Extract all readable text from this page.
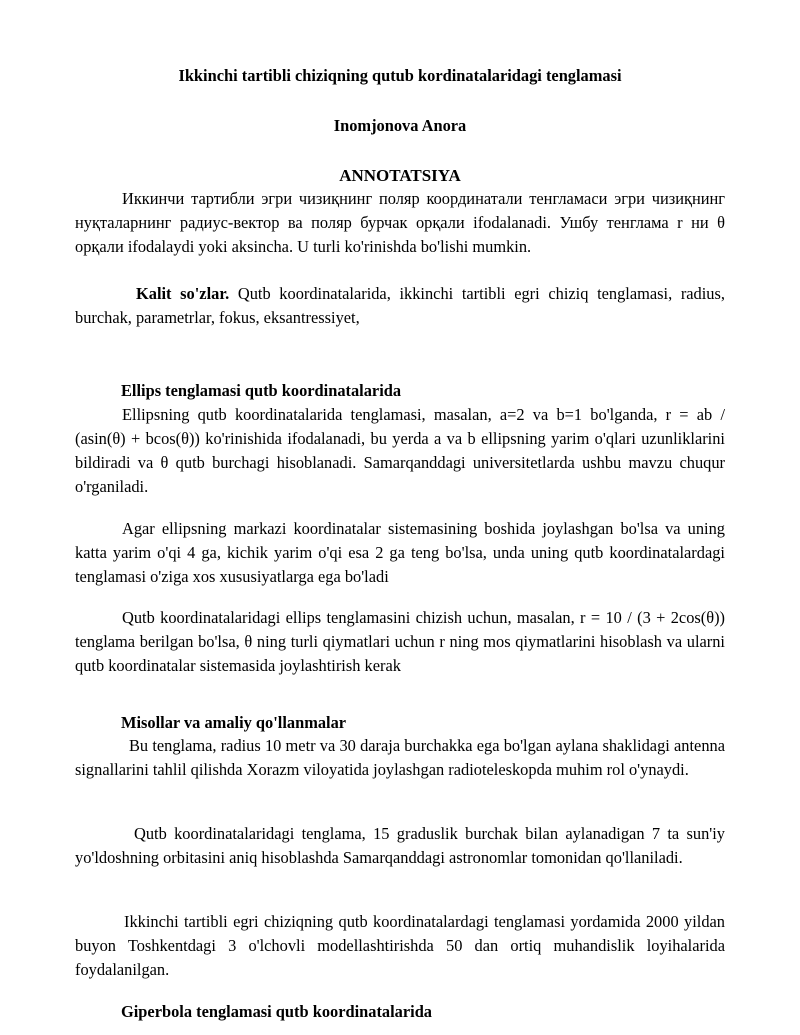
Ikkinchi tartibli chiziqning qutub kordinatalaridagi tenglamasi
Inomjonova Anora
ANNOTATSIYA

Иккинчи тартибли эгри чизиқнинг поляр координатали тенгламаси эгри чизиқнинг нуқталарнинг радиус-вектор ва поляр бурчак орқали ifodalanadi. Ушбу тенглама r ни θ орқали ifodalaydi yoki aksincha. U turli ko'rinishda bo'lishi mumkin.

Kalit so'zlar. Qutb koordinatalarida, ikkinchi tartibli egri chiziq tenglamasi, radius, burchak, parametrlar, fokus, eksantressiyet,

Ellips tenglamasi qutb koordinatalarida

Ellipsning qutb koordinatalarida tenglamasi, masalan, a=2 va b=1 bo'lganda, r = ab / (asin(θ) + bcos(θ)) ko'rinishida ifodalanadi, bu yerda a va b ellipsning yarim o'qlari uzunliklarini bildiradi va θ qutb burchagi hisoblanadi. Samarqanddagi universitetlarda ushbu mavzu chuqur o'rganiladi.

Agar ellipsning markazi koordinatalar sistemasining boshida joylashgan bo'lsa va uning katta yarim o'qi 4 ga, kichik yarim o'qi esa 2 ga teng bo'lsa, unda uning qutb koordinatalardagi tenglamasi o'ziga xos xususiyatlarga ega bo'ladi

Qutb koordinatalaridagi ellips tenglamasini chizish uchun, masalan, r = 10 / (3 + 2cos(θ)) tenglama berilgan bo'lsa, θ ning turli qiymatlari uchun r ning mos qiymatlarini hisoblash va ularni qutb koordinatalar sistemasida joylashtirish kerak

Misollar va amaliy qo'llanmalar

Bu tenglama, radius 10 metr va 30 daraja burchakka ega bo'lgan aylana shaklidagi antenna signallarini tahlil qilishda Xorazm viloyatida joylashgan radioteleskopda muhim rol o'ynaydi.

Qutb koordinatalaridagi tenglama, 15 graduslik burchak bilan aylanadigan 7 ta sun'iy yo'ldoshning orbitasini aniq hisoblashda Samarqanddagi astronomlar tomonidan qo'llaniladi.

Ikkinchi tartibli egri chiziqning qutb koordinatalardagi tenglamasi yordamida 2000 yildan buyon Toshkentdagi 3 o'lchovli modellashtirishda 50 dan ortiq muhandislik loyihalarida foydalanilgan.

Giperbola tenglamasi qutb koordinatalarida
